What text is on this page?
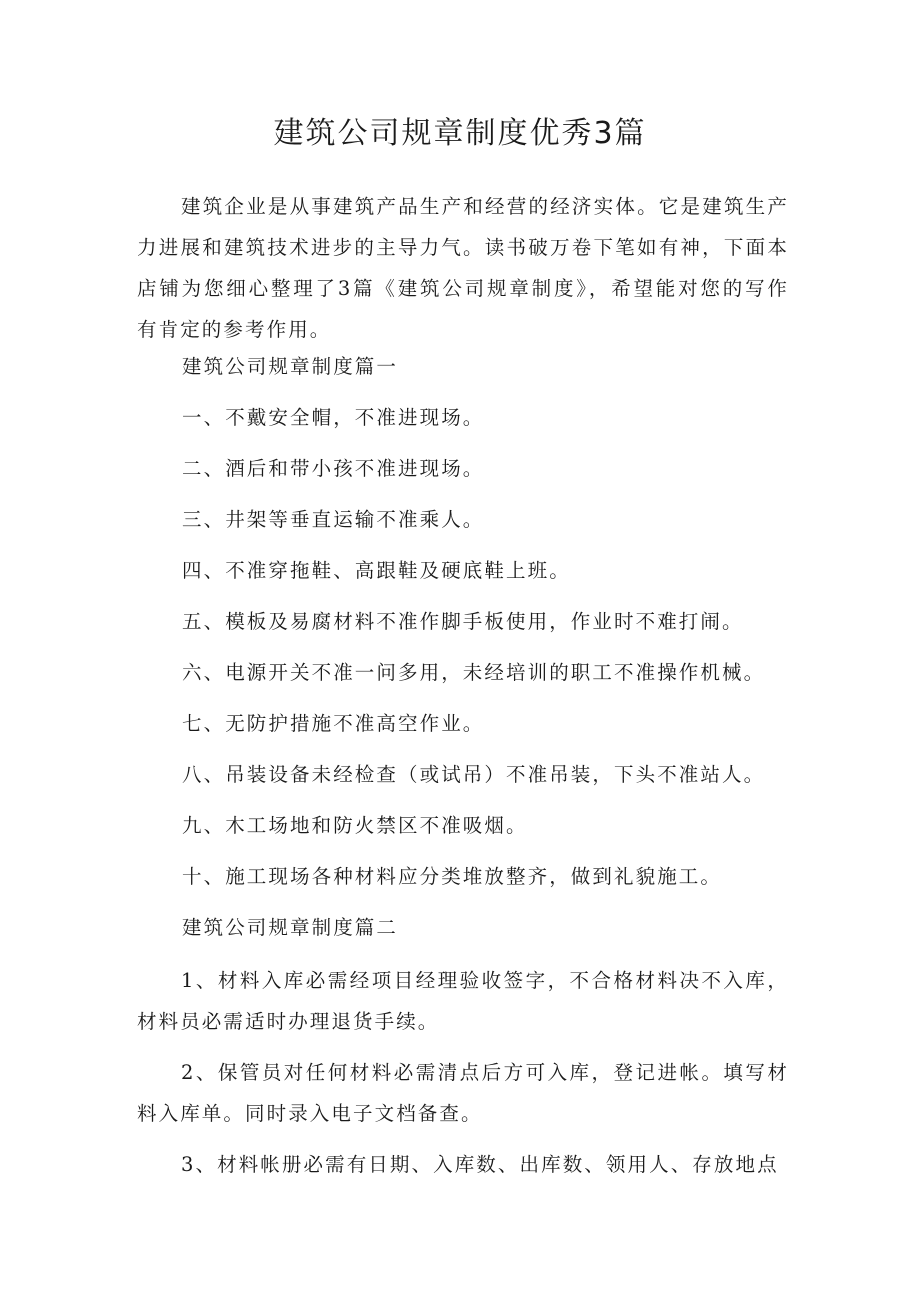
建筑公司规章制度优秀3篇

建筑企业是从事建筑产品生产和经营的经济实体。它是建筑生产力进展和建筑技术进步的主导力气。读书破万卷下笔如有神，下面本店铺为您细心整理了3篇《建筑公司规章制度》，希望能对您的写作有肯定的参考作用。

建筑公司规章制度篇一

一、不戴安全帽，不准进现场。

二、酒后和带小孩不准进现场。

三、井架等垂直运输不准乘人。

四、不准穿拖鞋、高跟鞋及硬底鞋上班。

五、模板及易腐材料不准作脚手板使用，作业时不难打闹。

六、电源开关不准一问多用，未经培训的职工不准操作机械。

七、无防护措施不准高空作业。

八、吊装设备未经检查（或试吊）不准吊装，下头不准站人。

九、木工场地和防火禁区不准吸烟。

十、施工现场各种材料应分类堆放整齐，做到礼貌施工。

建筑公司规章制度篇二

1、材料入库必需经项目经理验收签字，不合格材料决不入库，材料员必需适时办理退货手续。

2、保管员对任何材料必需清点后方可入库，登记进帐。填写材料入库单。同时录入电子文档备查。

3、材料帐册必需有日期、入库数、出库数、领用人、存放地点
